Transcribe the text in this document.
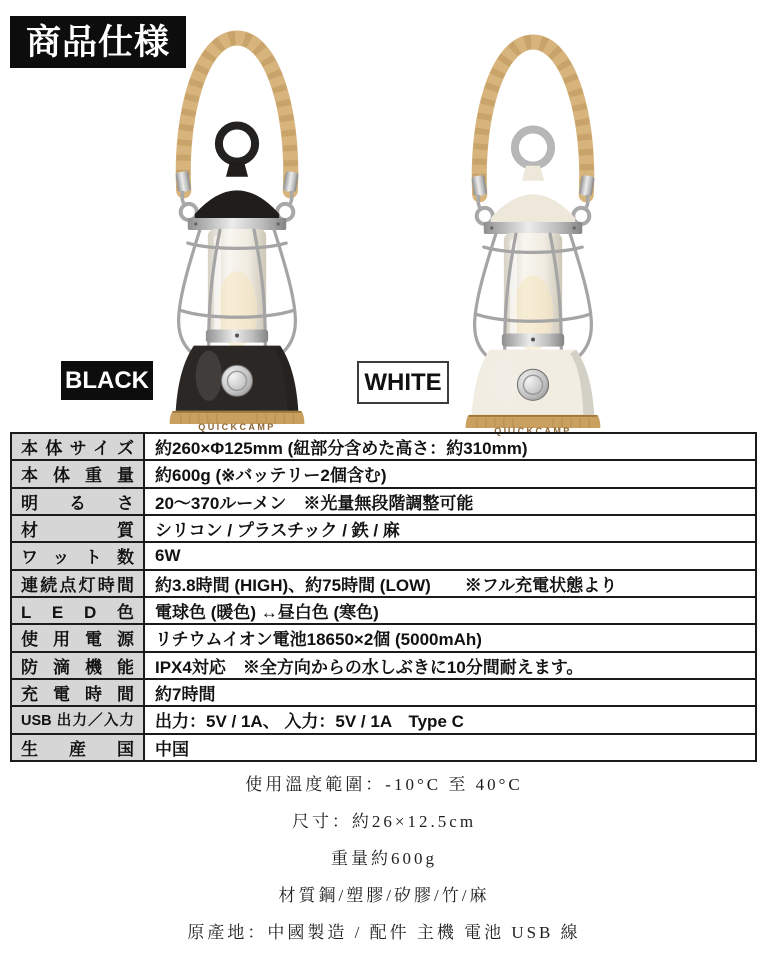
商品仕様
QUICKCAMP	QUICKCAMP
BLACK	WHITE
本体サイズ	約260×Φ125mm (紐部分含めた高さ：約310mm)
本体重量	約600g (※バッテリー2個含む)
明るさ	20〜370ルーメン　※光量無段階調整可能
材質	シリコン / プラスチック / 鉄 / 麻
ワット数	6W
連続点灯時間	約3.8時間 (HIGH)、約75時間 (LOW)　　※フル充電状態より
L E D 色	電球色 (暖色) ↔昼白色 (寒色)
使用電源	リチウムイオン電池18650×2個 (5000mAh)
防滴機能	IPX4対応　※全方向からの水しぶきに10分間耐えます。
充電時間	約7時間
USB 出力／入力	出力：5V / 1A、 入力：5V / 1A　Type C
生産国	中国
使用溫度範圍：-10°C 至 40°C
尺寸：約26×12.5cm
重量約600g
材質鋼/塑膠/矽膠/竹/麻
原產地：中國製造 / 配件 主機 電池 USB 線
